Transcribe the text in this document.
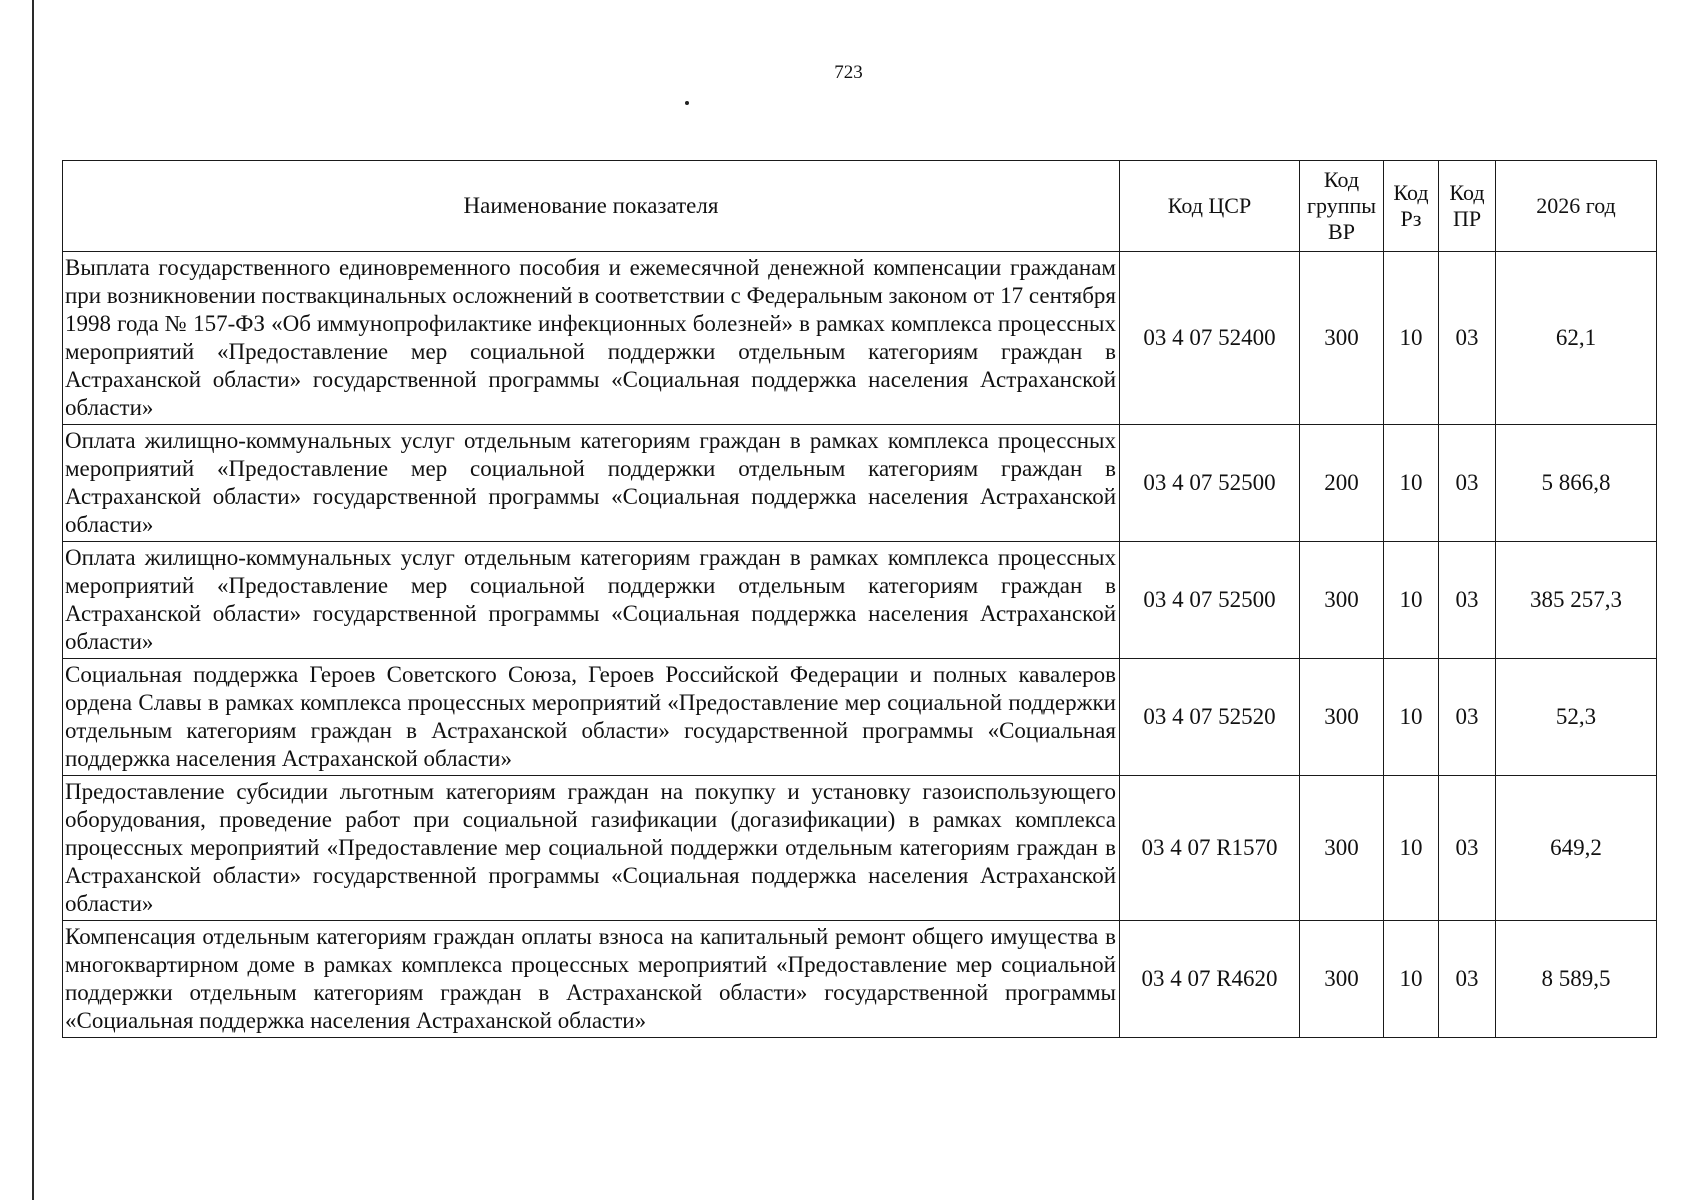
723
Наименование показателя	Код ЦСР	Код группы ВР	Код Рз	Код ПР	2026 год
Выплата государственного единовременного пособия и ежемесячной денежной компенсации гражданам при возникновении поствакцинальных осложнений в соответствии с Федеральным законом от 17 сентября 1998 года № 157-ФЗ «Об иммунопрофилактике инфекционных болезней» в рамках комплекса процессных мероприятий «Предоставление мер социальной поддержки отдельным категориям граждан в Астраханской области» государственной программы «Социальная поддержка населения Астраханской области»	03 4 07 52400	300	10	03	62,1
Оплата жилищно-коммунальных услуг отдельным категориям граждан в рамках комплекса процессных мероприятий «Предоставление мер социальной поддержки отдельным категориям граждан в Астраханской области» государственной программы «Социальная поддержка населения Астраханской области»	03 4 07 52500	200	10	03	5 866,8
Оплата жилищно-коммунальных услуг отдельным категориям граждан в рамках комплекса процессных мероприятий «Предоставление мер социальной поддержки отдельным категориям граждан в Астраханской области» государственной программы «Социальная поддержка населения Астраханской области»	03 4 07 52500	300	10	03	385 257,3
Социальная поддержка Героев Советского Союза, Героев Российской Федерации и полных кавалеров ордена Славы в рамках комплекса процессных мероприятий «Предоставление мер социальной поддержки отдельным категориям граждан в Астраханской области» государственной программы «Социальная поддержка населения Астраханской области»	03 4 07 52520	300	10	03	52,3
Предоставление субсидии льготным категориям граждан на покупку и установку газоиспользующего оборудования, проведение работ при социальной газификации (догазификации) в рамках комплекса процессных мероприятий «Предоставление мер социальной поддержки отдельным категориям граждан в Астраханской области» государственной программы «Социальная поддержка населения Астраханской области»	03 4 07 R1570	300	10	03	649,2
Компенсация отдельным категориям граждан оплаты взноса на капитальный ремонт общего имущества в многоквартирном доме в рамках комплекса процессных мероприятий «Предоставление мер социальной поддержки отдельным категориям граждан в Астраханской области» государственной программы «Социальная поддержка населения Астраханской области»	03 4 07 R4620	300	10	03	8 589,5
